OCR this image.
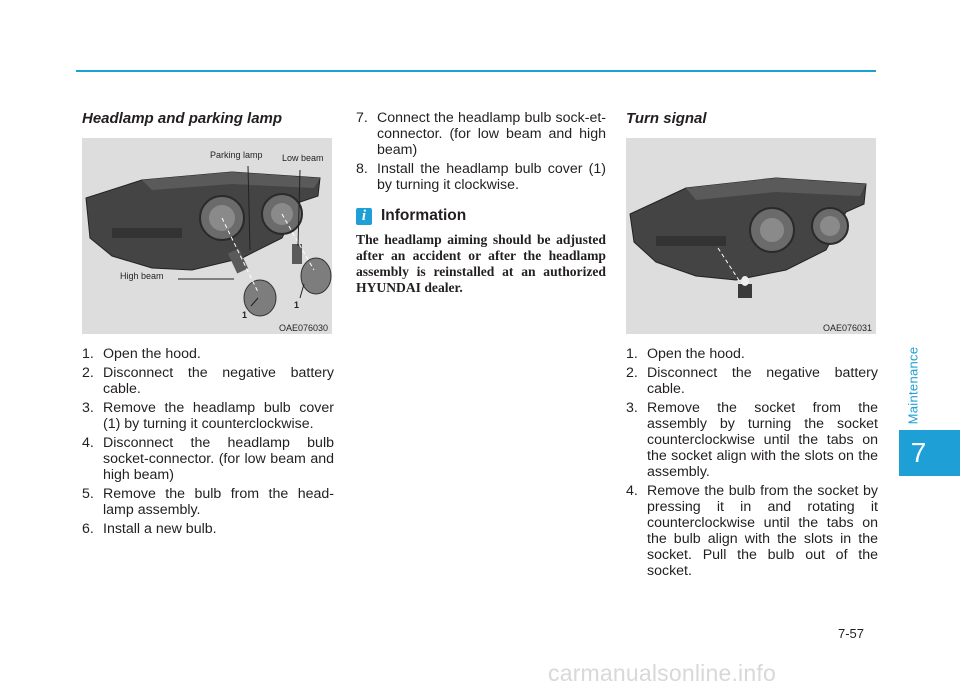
Maintenance
7
Headlamp and parking lamp
Parking lamp Low beam
High beam
1
1
OAE076030
1. Open the hood.
2. Disconnect the negative battery cable.
3. Remove the headlamp bulb cover (1) by turning it counterclockwise.
4. Disconnect the headlamp bulb socket-connector. (for low beam and high beam)
5. Remove the bulb from the head-lamp assembly.
6. Install a new bulb.
7. Connect the headlamp bulb sock-et-connector. (for low beam and high beam)
8. Install the headlamp bulb cover (1) by turning it clockwise.
i Information
The headlamp aiming should be adjusted after an accident or after the headlamp assembly is reinstalled at an authorized HYUNDAI dealer.
Turn signal
OAE076031
1. Open the hood.
2. Disconnect the negative battery cable.
3. Remove the socket from the assembly by turning the socket counterclockwise until the tabs on the socket align with the slots on the assembly.
4. Remove the bulb from the socket by pressing it in and rotating it counterclockwise until the tabs on the bulb align with the slots in the socket. Pull the bulb out of the socket.
7-57
carmanualsonline.info
